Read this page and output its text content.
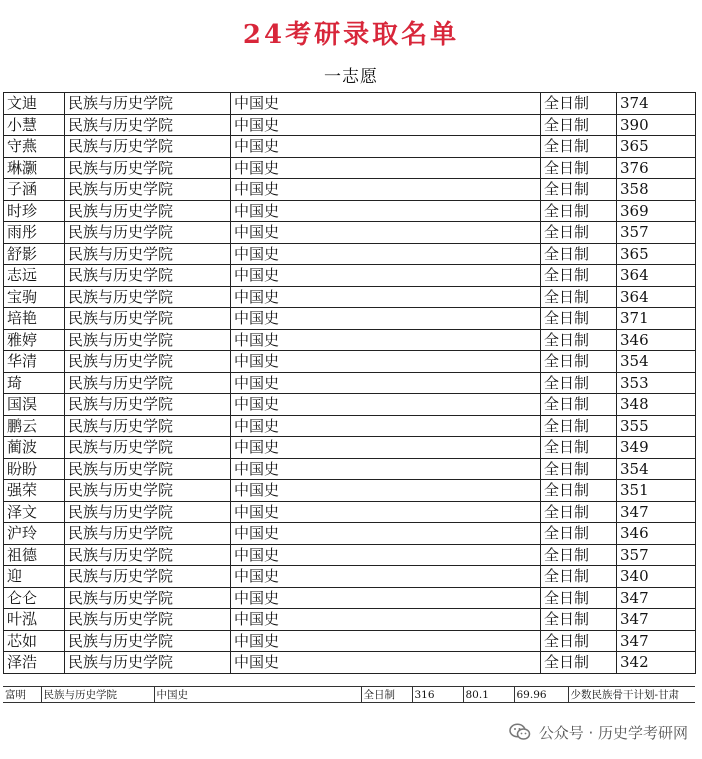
24考研录取名单
一志愿
文迪	民族与历史学院	中国史	全日制	374
小慧	民族与历史学院	中国史	全日制	390
守燕	民族与历史学院	中国史	全日制	365
琳灏	民族与历史学院	中国史	全日制	376
子涵	民族与历史学院	中国史	全日制	358
时珍	民族与历史学院	中国史	全日制	369
雨彤	民族与历史学院	中国史	全日制	357
舒影	民族与历史学院	中国史	全日制	365
志远	民族与历史学院	中国史	全日制	364
宝驹	民族与历史学院	中国史	全日制	364
培艳	民族与历史学院	中国史	全日制	371
雅婷	民族与历史学院	中国史	全日制	346
华清	民族与历史学院	中国史	全日制	354
琦	民族与历史学院	中国史	全日制	353
国淏	民族与历史学院	中国史	全日制	348
鹏云	民族与历史学院	中国史	全日制	355
蔺波	民族与历史学院	中国史	全日制	349
盼盼	民族与历史学院	中国史	全日制	354
强荣	民族与历史学院	中国史	全日制	351
泽文	民族与历史学院	中国史	全日制	347
沪玲	民族与历史学院	中国史	全日制	346
祖德	民族与历史学院	中国史	全日制	357
迎	民族与历史学院	中国史	全日制	340
仑仑	民族与历史学院	中国史	全日制	347
叶泓	民族与历史学院	中国史	全日制	347
芯如	民族与历史学院	中国史	全日制	347
泽浩	民族与历史学院	中国史	全日制	342
富明	民族与历史学院	中国史	全日制	316	80.1	69.96	少数民族骨干计划-甘肃
公众号 · 历史学考研网
